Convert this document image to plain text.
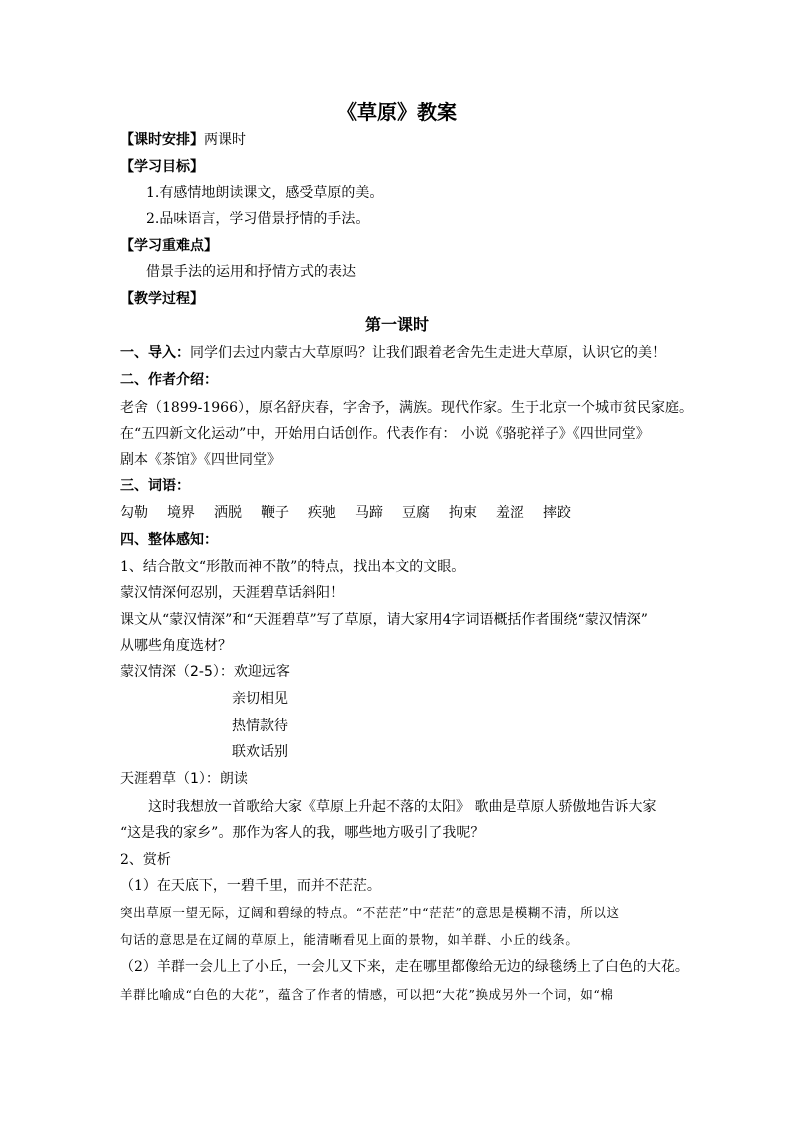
《草原》教案
【课时安排】两课时
【学习目标】
1.有感情地朗读课文，感受草原的美。
2.品味语言，学习借景抒情的手法。
【学习重难点】
借景手法的运用和抒情方式的表达
【教学过程】
第一课时
一、导入：同学们去过内蒙古大草原吗？让我们跟着老舍先生走进大草原，认识它的美！
二、作者介绍：
老舍（1899-1966），原名舒庆春，字舍予，满族。现代作家。生于北京一个城市贫民家庭。
在“五四新文化运动”中，开始用白话创作。代表作有： 小说《骆驼祥子》《四世同堂》
剧本《茶馆》《四世同堂》
三、词语：
勾勒 境界 洒脱 鞭子 疾驰 马蹄 豆腐 拘束 羞涩 摔跤
四、整体感知：
1、结合散文“形散而神不散”的特点，找出本文的文眼。
蒙汉情深何忍别，天涯碧草话斜阳！
课文从“蒙汉情深”和“天涯碧草”写了草原，请大家用4字词语概括作者围绕“蒙汉情深”
从哪些角度选材？
蒙汉情深（2-5）：欢迎远客
亲切相见
热情款待
联欢话别
天涯碧草（1）：朗读
这时我想放一首歌给大家《草原上升起不落的太阳》 歌曲是草原人骄傲地告诉大家
“这是我的家乡”。那作为客人的我，哪些地方吸引了我呢？
2、赏析
（1）在天底下，一碧千里，而并不茫茫。
突出草原一望无际，辽阔和碧绿的特点。“不茫茫”中“茫茫”的意思是模糊不清，所以这
句话的意思是在辽阔的草原上，能清晰看见上面的景物，如羊群、小丘的线条。
（2）羊群一会儿上了小丘，一会儿又下来，走在哪里都像给无边的绿毯绣上了白色的大花。
羊群比喻成“白色的大花”，蕴含了作者的情感，可以把“大花”换成另外一个词，如“棉
